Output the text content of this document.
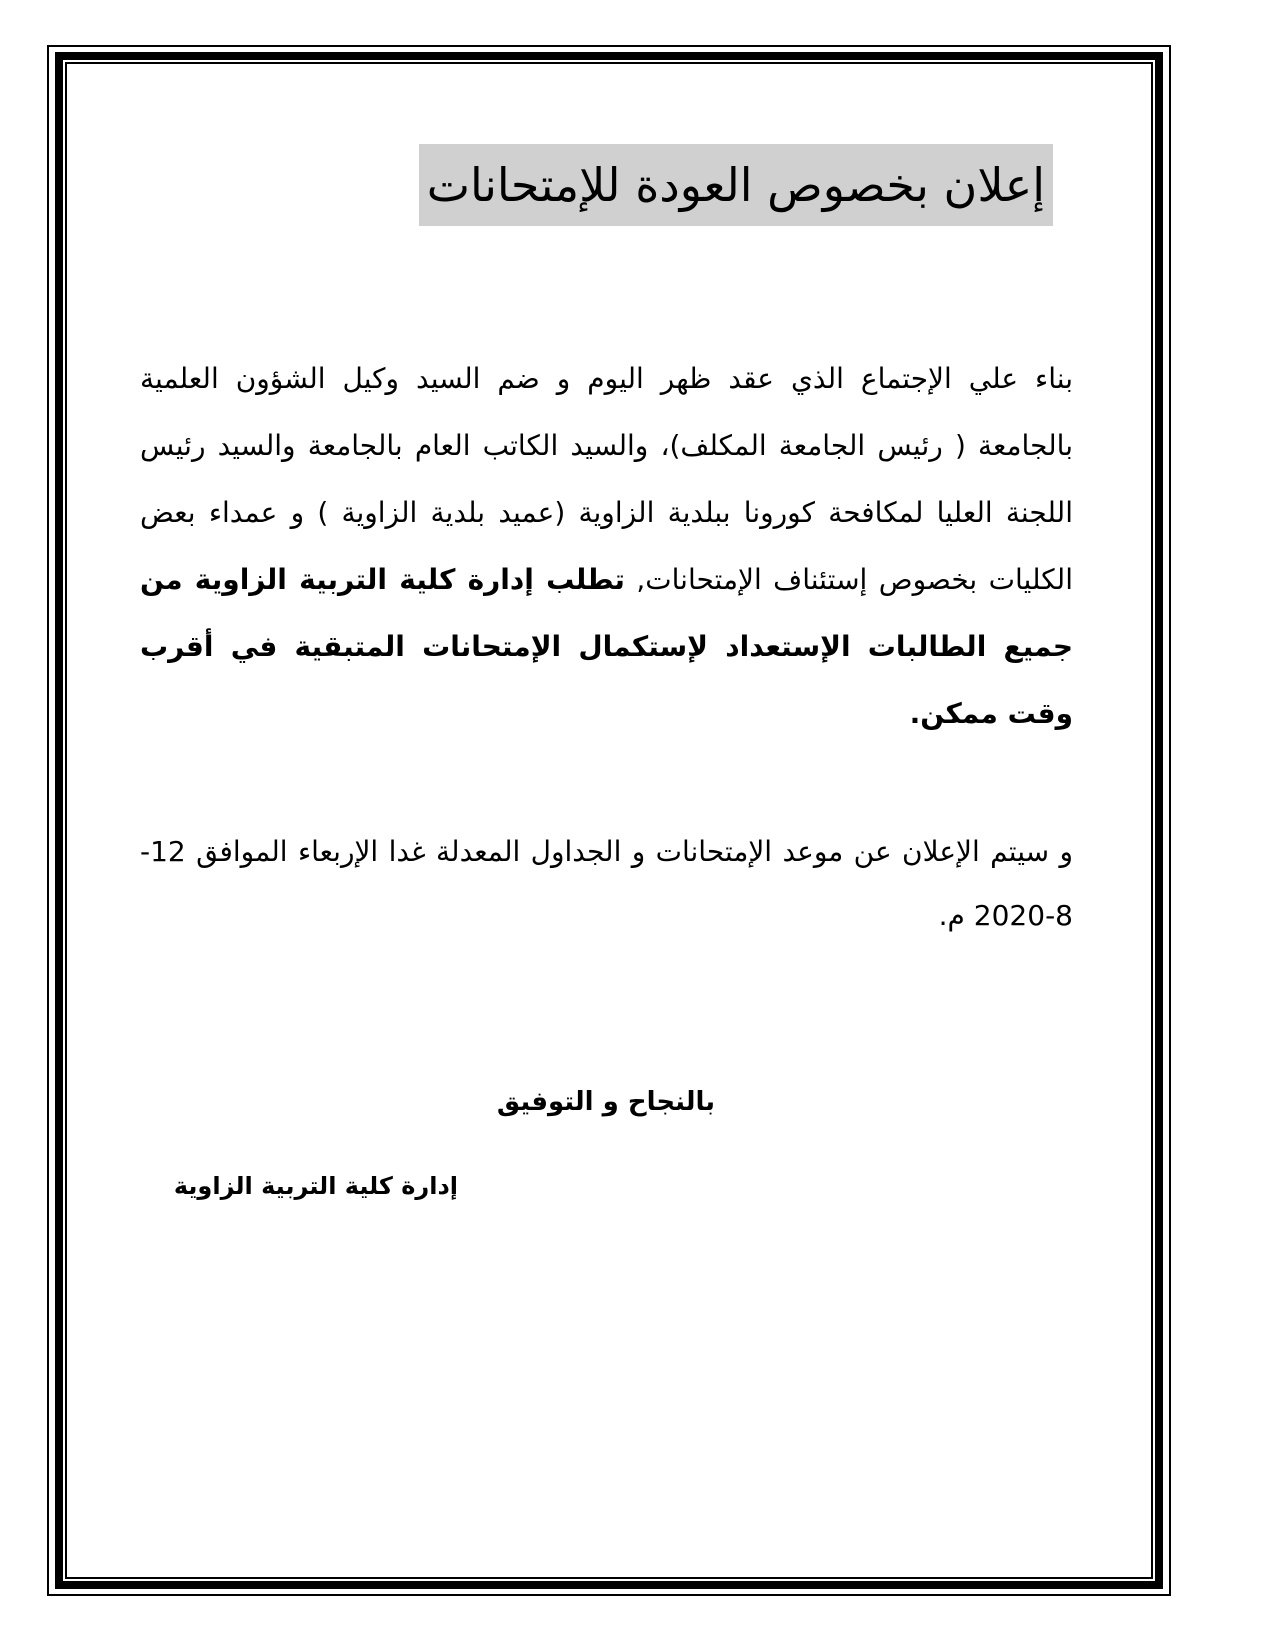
إعلان بخصوص العودة للإمتحانات
بناء علي الإجتماع الذي عقد ظهر اليوم و ضم السيد وكيل الشؤون العلمية بالجامعة ( رئيس الجامعة المكلف)، والسيد الكاتب العام بالجامعة والسيد رئيس اللجنة العليا لمكافحة كورونا ببلدية الزاوية (عميد بلدية الزاوية ) و عمداء بعض الكليات بخصوص إستئناف الإمتحانات, تطلب إدارة كلية التربية الزاوية من جميع الطالبات الإستعداد لإستكمال الإمتحانات المتبقية في أقرب وقت ممكن.
و سيتم الإعلان عن موعد الإمتحانات و الجداول المعدلة غدا الإربعاء الموافق 12-8-2020 م.
بالنجاح و التوفيق
إدارة كلية التربية الزاوية
